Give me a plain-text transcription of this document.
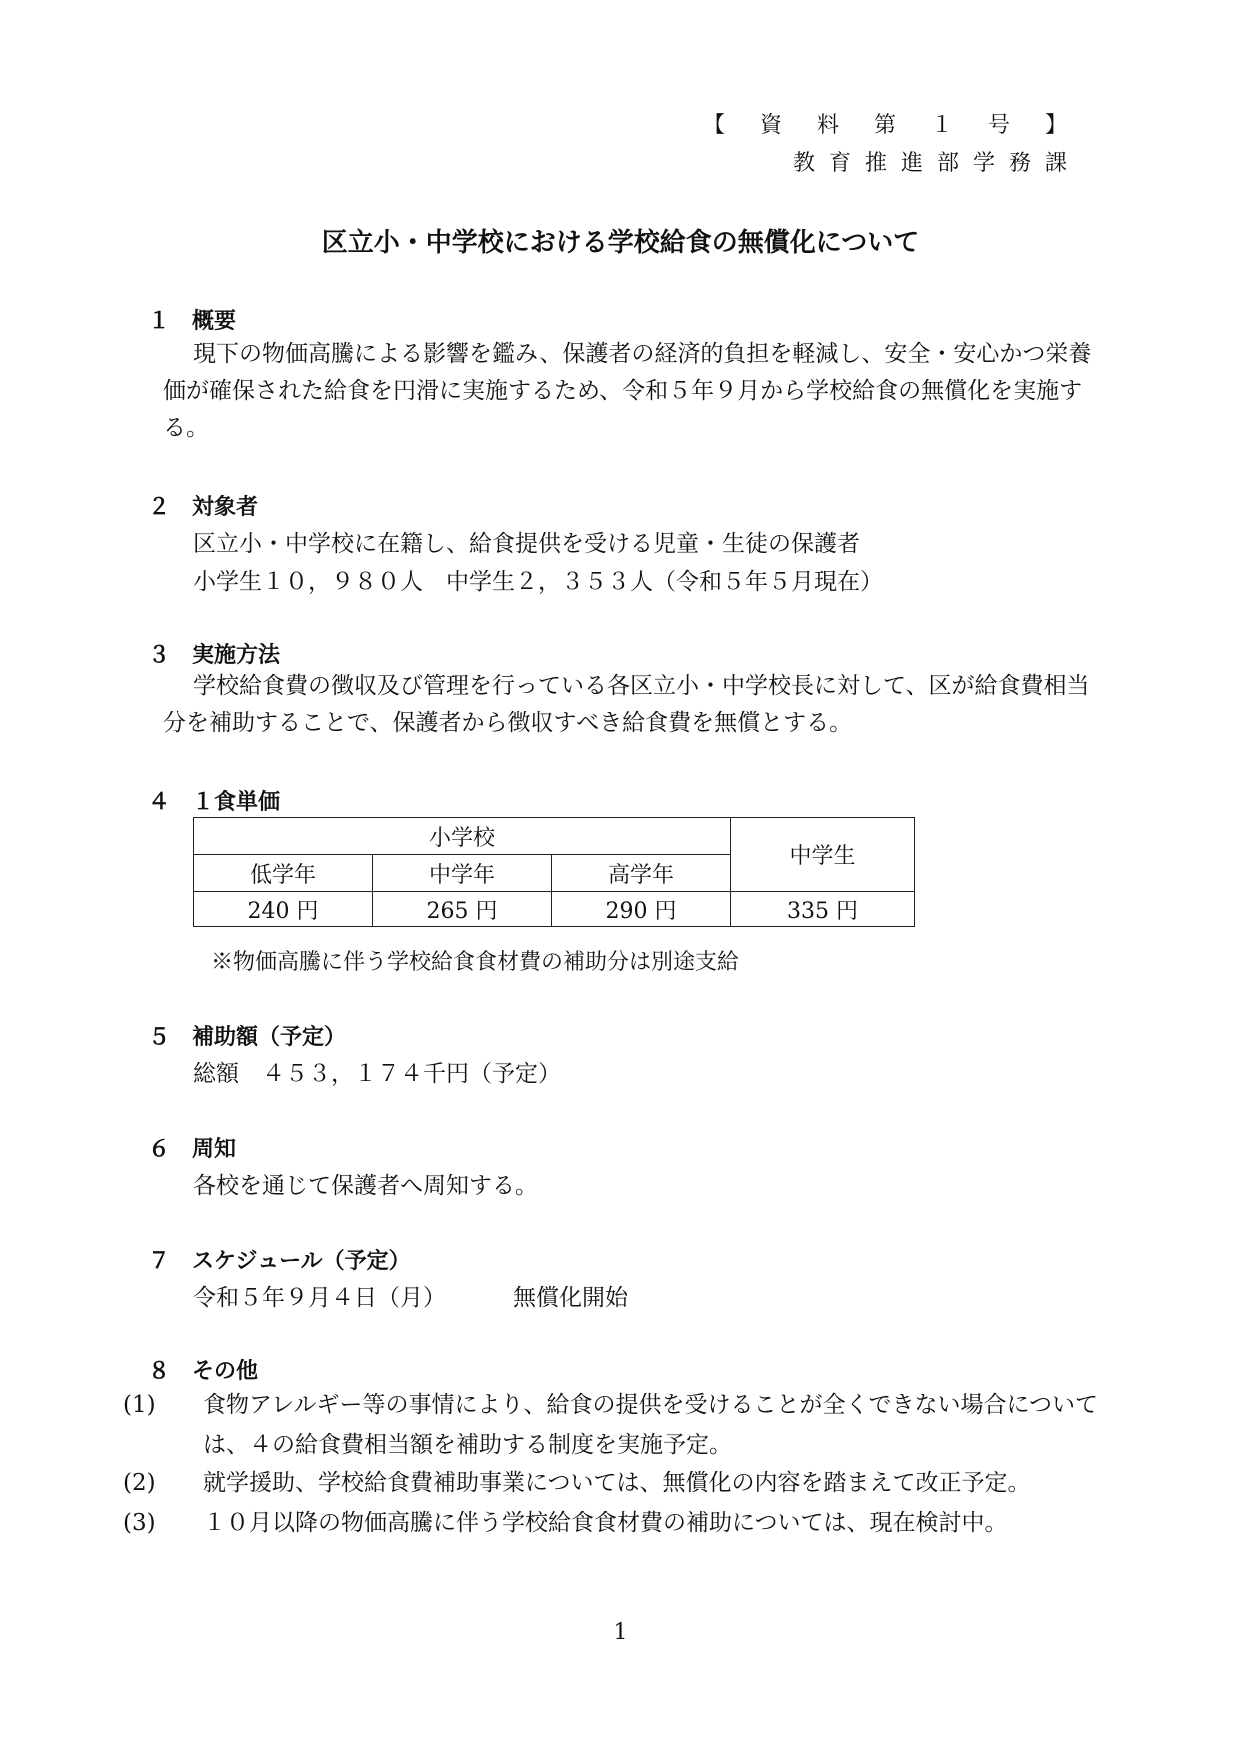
【 資 料 第 １ 号 】
教育推進部学務課
区立小・中学校における学校給食の無償化について
１ 概要
現下の物価高騰による影響を鑑み、保護者の経済的負担を軽減し、安全・安心かつ栄養価が確保された給食を円滑に実施するため、令和５年９月から学校給食の無償化を実施する。
２ 対象者
区立小・中学校に在籍し、給食提供を受ける児童・生徒の保護者
小学生１０，９８０人　中学生２，３５３人（令和５年５月現在）
３ 実施方法
学校給食費の徴収及び管理を行っている各区立小・中学校長に対して、区が給食費相当分を補助することで、保護者から徴収すべき給食費を無償とする。
４ １食単価
小学校			中学生
低学年	中学年	高学年	
240 円	265 円	290 円	335 円
※物価高騰に伴う学校給食食材費の補助分は別途支給
５ 補助額（予定）
総額　４５３，１７４千円（予定）
６ 周知
各校を通じて保護者へ周知する。
７ スケジュール（予定）
令和５年９月４日（月）	無償化開始
８ その他
(1) 食物アレルギー等の事情により、給食の提供を受けることが全くできない場合については、４の給食費相当額を補助する制度を実施予定。
(2) 就学援助、学校給食費補助事業については、無償化の内容を踏まえて改正予定。
(3) １０月以降の物価高騰に伴う学校給食食材費の補助については、現在検討中。
1
